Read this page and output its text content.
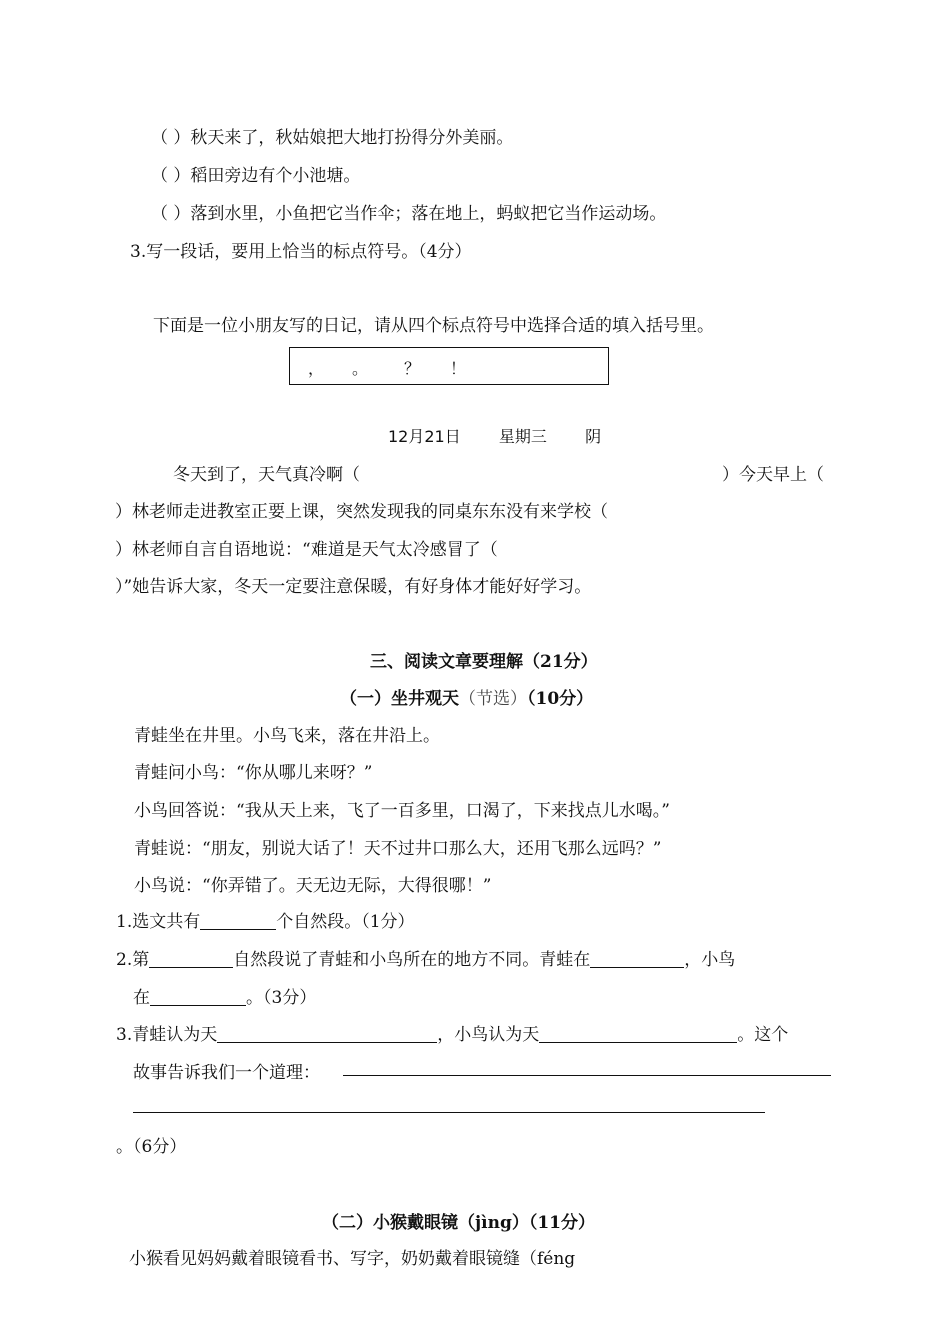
（ ）秋天来了，秋姑娘把大地打扮得分外美丽。
（ ）稻田旁边有个小池塘。
（ ）落到水里，小鱼把它当作伞；落在地上，蚂蚁把它当作运动场。
3.写一段话，要用上恰当的标点符号。（4分）
下面是一位小朋友写的日记，请从四个标点符号中选择合适的填入括号里。
， 。 ？ ！
12月21日 星期三 阴
冬天到了，天气真冷啊（	）今天早上（
）林老师走进教室正要上课，突然发现我的同桌东东没有来学校（
）林老师自言自语地说：“难道是天气太冷感冒了（
）”她告诉大家，冬天一定要注意保暖，有好身体才能好好学习。
三、阅读文章要理解（21分）
（一）坐井观天（节选）（10分）
青蛙坐在井里。小鸟飞来，落在井沿上。
青蛙问小鸟：“你从哪儿来呀？”
小鸟回答说：“我从天上来，飞了一百多里，口渴了，下来找点儿水喝。”
青蛙说：“朋友，别说大话了！天不过井口那么大，还用飞那么远吗？”
小鸟说：“你弄错了。天无边无际，大得很哪！”
1.选文共有	个自然段。（1分）
2.第	自然段说了青蛙和小鸟所在的地方不同。青蛙在	，小鸟
在	。（3分）
3.青蛙认为天	，小鸟认为天	。这个
故事告诉我们一个道理：
。（6分）
（二）小猴戴眼镜（jìng）（11分）
小猴看见妈妈戴着眼镜看书、写字，奶奶戴着眼镜缝（féng
